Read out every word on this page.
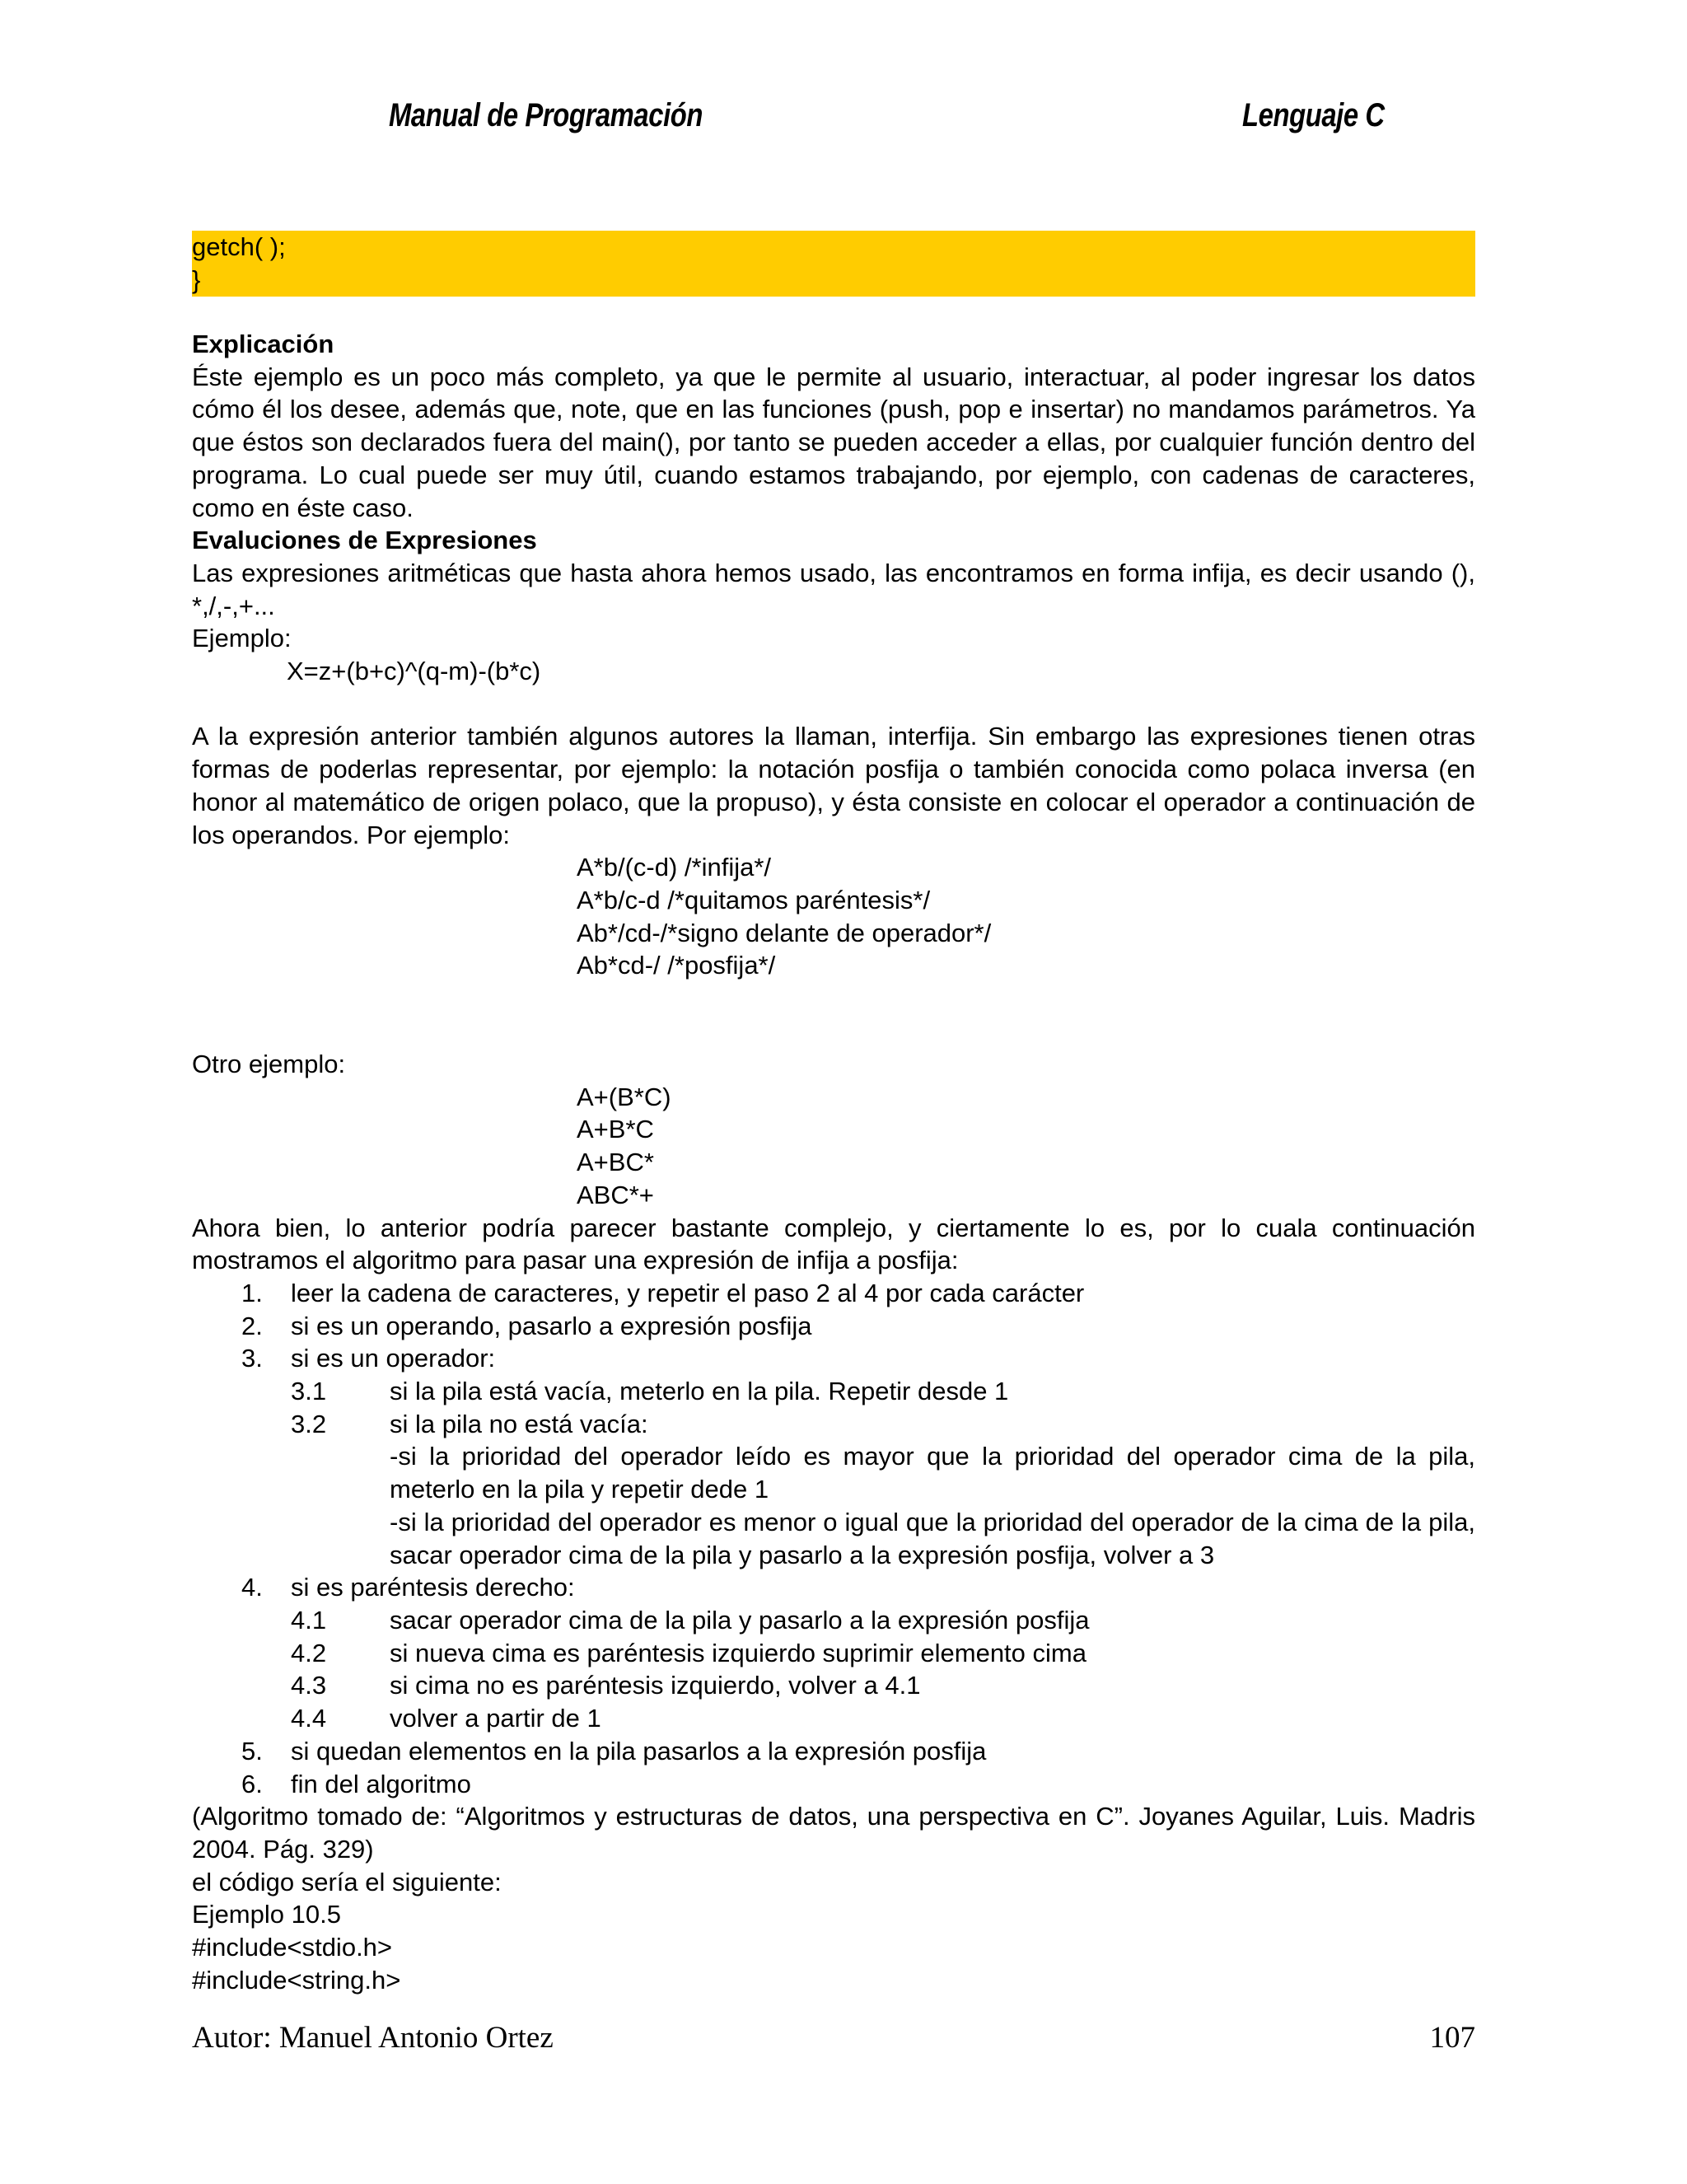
Manual de Programación	Lenguaje C
getch( );
}

Explicación

Éste ejemplo es un poco más completo, ya que le permite al usuario, interactuar, al poder ingresar los datos cómo él los desee, además que, note, que en las funciones (push, pop e insertar) no mandamos parámetros. Ya que éstos son declarados fuera del main(), por tanto se pueden acceder a ellas, por cualquier función dentro del programa. Lo cual puede ser muy útil, cuando estamos trabajando, por ejemplo, con cadenas de caracteres, como en éste caso.

Evaluciones de Expresiones

Las expresiones aritméticas que hasta ahora hemos usado, las encontramos en forma infija, es decir usando (), *,/,-,+...

Ejemplo:

X=z+(b+c)^(q-m)-(b*c)

A la expresión anterior también algunos autores la llaman, interfija. Sin embargo las expresiones tienen otras formas de poderlas representar, por ejemplo: la notación posfija o también conocida como polaca inversa (en honor al matemático de origen polaco, que la propuso), y ésta consiste en colocar el operador a continuación de los operandos. Por ejemplo:

A*b/(c-d) /*infija*/

A*b/c-d /*quitamos paréntesis*/

Ab*/cd-/*signo delante de operador*/

Ab*cd-/ /*posfija*/

Otro ejemplo:

A+(B*C)

A+B*C

A+BC*

ABC*+

Ahora bien, lo anterior podría parecer bastante complejo, y ciertamente lo es, por lo cuala continuación mostramos el algoritmo para pasar una expresión de infija a posfija:

1. leer la cadena de caracteres, y repetir el paso 2 al 4 por cada carácter
2. si es un operando, pasarlo a expresión posfija
3. si es un operador:
3.1 si la pila está vacía, meterlo en la pila. Repetir desde 1
3.2 si la pila no está vacía:

-si la prioridad del operador leído es mayor que la prioridad del operador cima de la pila, meterlo en la pila y repetir dede 1

-si la prioridad del operador es menor o igual que la prioridad del operador de la cima de la pila, sacar operador cima de la pila y pasarlo a la expresión posfija, volver a 3

4. si es paréntesis derecho:
4.1 sacar operador cima de la pila y pasarlo a la expresión posfija
4.2 si nueva cima es paréntesis izquierdo suprimir elemento cima
4.3 si cima no es paréntesis izquierdo, volver a 4.1
4.4 volver a partir de 1
5. si quedan elementos en la pila pasarlos a la expresión posfija
6. fin del algoritmo

(Algoritmo tomado de: “Algoritmos y estructuras de datos, una perspectiva en C”. Joyanes Aguilar, Luis. Madris 2004. Pág. 329)

el código sería el siguiente:

Ejemplo 10.5

#include<stdio.h>

#include<string.h>

Autor: Manuel Antonio Ortez	107
